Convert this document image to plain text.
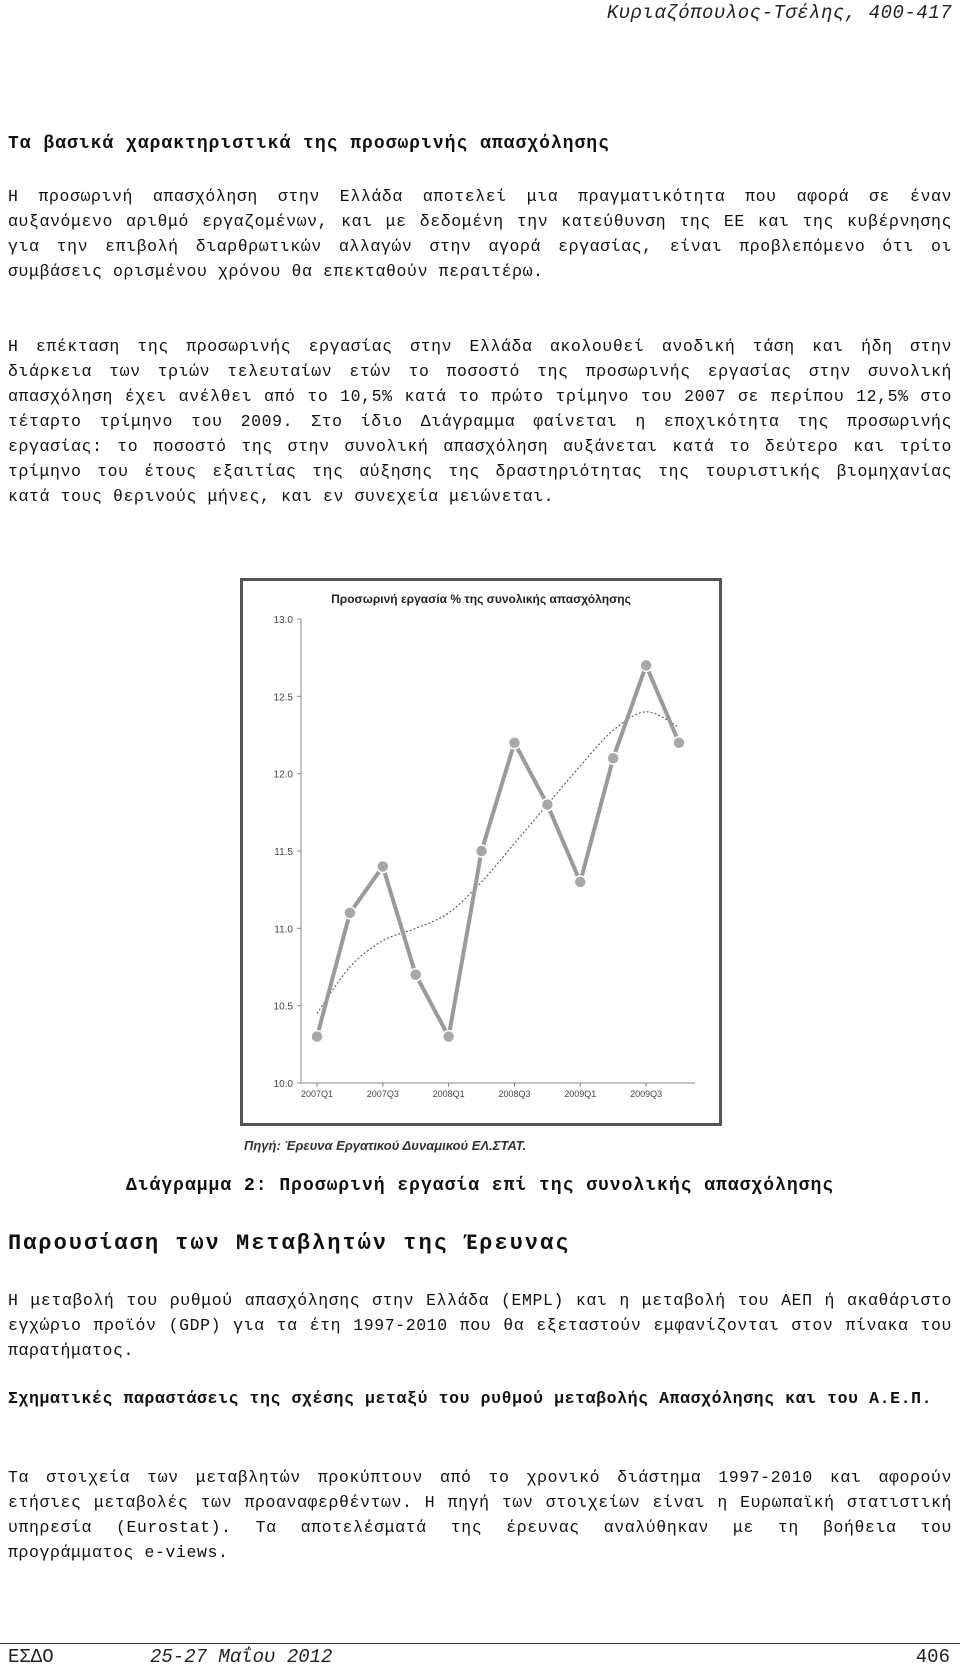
Κυριαζόπουλος-Τσέλης, 400-417
Τα βασικά χαρακτηριστικά της προσωρινής απασχόλησης

Η προσωρινή απασχόληση στην Ελλάδα αποτελεί μια πραγματικότητα που αφορά σε έναν αυξανόμενο αριθμό εργαζομένων, και με δεδομένη την κατεύθυνση της ΕΕ και της κυβέρνησης για την επιβολή διαρθρωτικών αλλαγών στην αγορά εργασίας, είναι προβλεπόμενο ότι οι συμβάσεις ορισμένου χρόνου θα επεκταθούν περαιτέρω.

Η επέκταση της προσωρινής εργασίας στην Ελλάδα ακολουθεί ανοδική τάση και ήδη στην διάρκεια των τριών τελευταίων ετών το ποσοστό της προσωρινής εργασίας στην συνολική απασχόληση έχει ανέλθει από το 10,5% κατά το πρώτο τρίμηνο του 2007 σε περίπου 12,5% στο τέταρτο τρίμηνο του 2009. Στο ίδιο Διάγραμμα φαίνεται η εποχικότητα της προσωρινής εργασίας: το ποσοστό της στην συνολική απασχόληση αυξάνεται κατά το δεύτερο και τρίτο τρίμηνο του έτους εξαιτίας της αύξησης της δραστηριότητας της τουριστικής βιομηχανίας κατά τους θερινούς μήνες, και εν συνεχεία μειώνεται.

Προσωρινή εργασία % της συνολικής απασχόλησης
13.0
12.5
12.0
11.5
11.0
10.5
10.0
2007Q1	2007Q3	2008Q1	2008Q3	2009Q1	2009Q3
Πηγή: Έρευνα Εργατικού Δυναμικού ΕΛ.ΣΤΑΤ.
Διάγραμμα 2: Προσωρινή εργασία επί της συνολικής απασχόλησης
Παρουσίαση των Μεταβλητών της Έρευνας

Η μεταβολή του ρυθμού απασχόλησης στην Ελλάδα (EMPL) και η μεταβολή του ΑΕΠ ή ακαθάριστο εγχώριο προϊόν (GDP) για τα έτη 1997-2010 που θα εξεταστούν εμφανίζονται στον πίνακα του παρατήματος.

Σχηματικές παραστάσεις της σχέσης μεταξύ του ρυθμού μεταβολής Απασχόλησης και του Α.Ε.Π.

Τα στοιχεία των μεταβλητών προκύπτουν από το χρονικό διάστημα 1997-2010 και αφορούν ετήσιες μεταβολές των προαναφερθέντων. Η πηγή των στοιχείων είναι η Ευρωπαϊκή στατιστική υπηρεσία (Eurostat). Τα αποτελέσματά της έρευνας αναλύθηκαν με τη βοήθεια του προγράμματος e-views.

ΕΣΔΟ	25-27 Μαΐου 2012	406
